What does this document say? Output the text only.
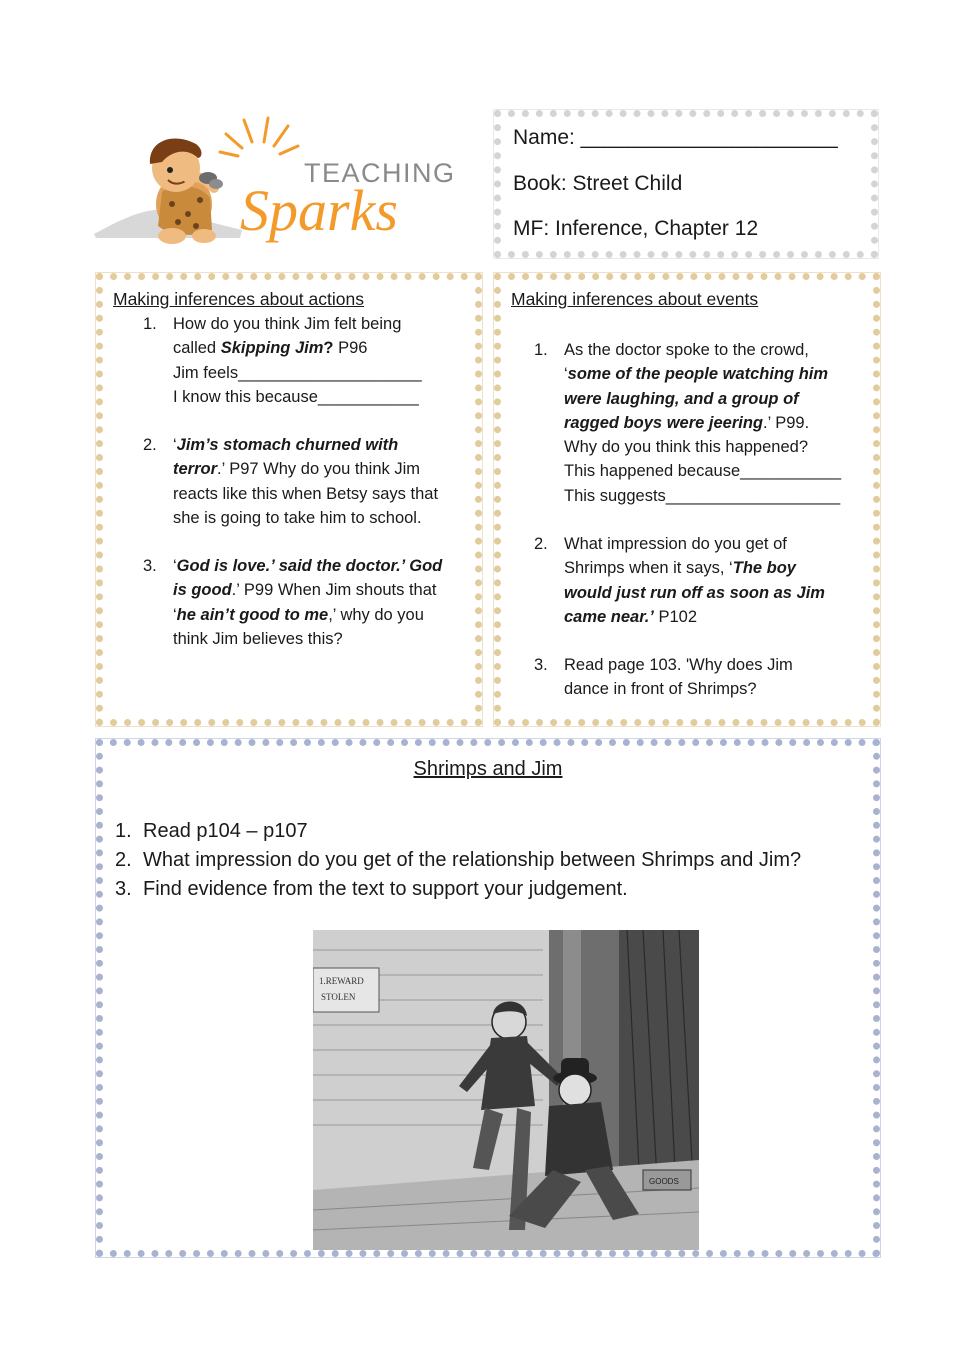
TEACHING
Sparks
Name: ______________________
Book: Street Child
MF: Inference, Chapter 12
Making inferences about actions
1. How do you think Jim felt being
called Skipping Jim? P96
Jim feels____________________
I know this because___________
2. ‘Jim’s stomach churned with
terror.’ P97 Why do you think Jim
reacts like this when Betsy says that
she is going to take him to school.
3. ‘God is love.’ said the doctor.’ God
is good.’ P99 When Jim shouts that
‘he ain’t good to me,’ why do you
think Jim believes this?
Making inferences about events
1. As the doctor spoke to the crowd,
‘some of the people watching him
were laughing, and a group of
ragged boys were jeering.’ P99.
Why do you think this happened?
This happened because___________
This suggests___________________
2. What impression do you get of
Shrimps when it says, ‘The boy
would just run off as soon as Jim
came near.’ P102
3. Read page 103. 'Why does Jim
dance in front of Shrimps?
Shrimps and Jim
1. Read p104 – p107
2. What impression do you get of the relationship between Shrimps and Jim?
3. Find evidence from the text to support your judgement.
1.REWARD
STOLEN
GOODS
